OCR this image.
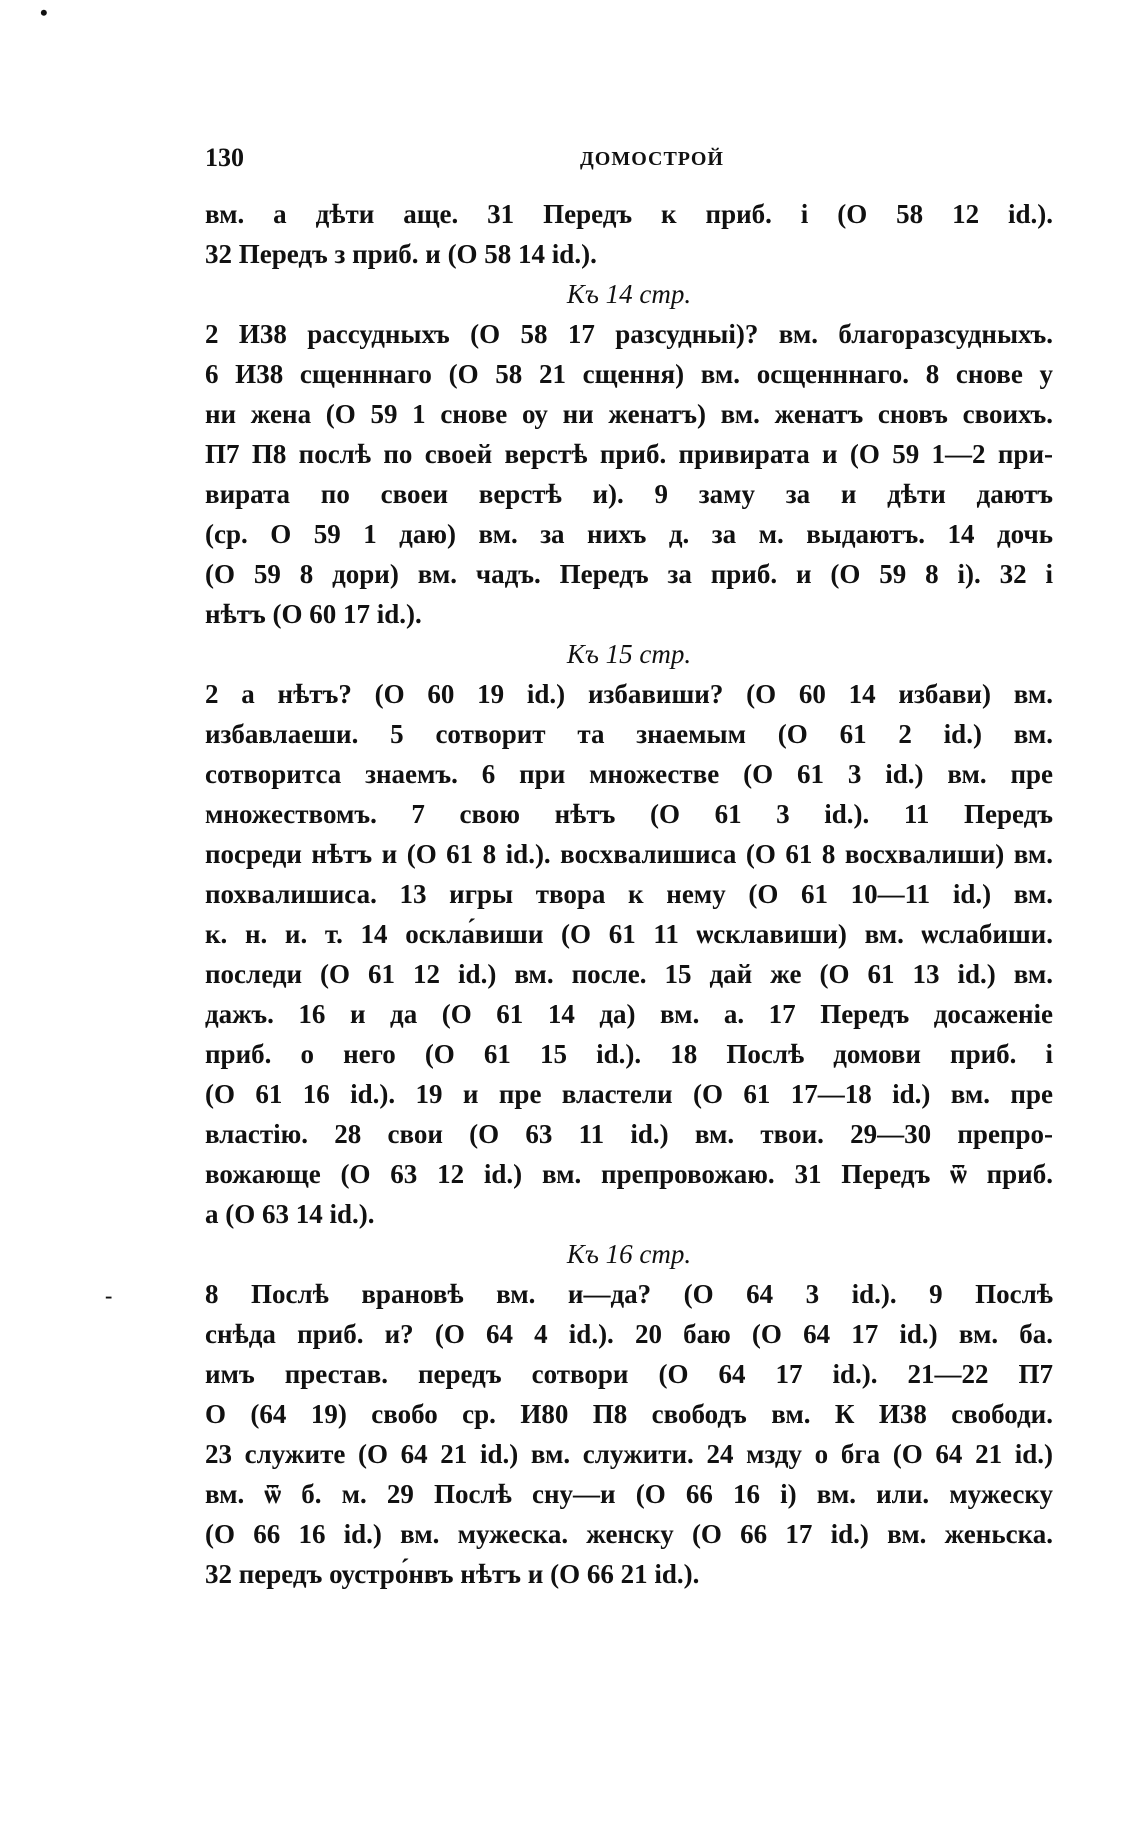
•
130	ДОМОСТРОЙ
вм. а дѣти аще. 31 Передъ к приб. і (О 58 12 id.).
32 Передъ з приб. и (О 58 14 id.).
Къ 14 стр.
2 И38 рассудныхъ (О 58 17 разсудныі)? вм. благоразсудныхъ.
6 И38 сщенннаго (О 58 21 сщення) вм. осщенннаго. 8 снове у
ни жена (О 59 1 снове оу ни женатъ) вм. женатъ сновъ своихъ.
П7 П8 послѣ по своей верстѣ приб. привирата и (О 59 1—2 при-
вирата по своеи верстѣ и). 9 заму за и дѣти даютъ
(ср. О 59 1 даю) вм. за нихъ д. за м. выдаютъ. 14 дочь
(О 59 8 дори) вм. чадъ. Передъ за приб. и (О 59 8 і). 32 і
нѣтъ (О 60 17 id.).
Къ 15 стр.
2 а нѣтъ? (О 60 19 id.) избавиши? (О 60 14 избави) вм.
избавлаеши. 5 сотворит та знаемым (О 61 2 id.) вм.
сотворитса знаемъ. 6 при множестве (О 61 3 id.) вм. пре
множествомъ. 7 свою нѣтъ (О 61 3 id.). 11 Передъ
посреди нѣтъ и (О 61 8 id.). восхвалишиса (О 61 8 восхвалиши) вм.
похвалишиса. 13 игры твора к нему (О 61 10—11 id.) вм.
к. н. и. т. 14 оскла́виши (О 61 11 ѡсклавиши) вм. ѡслабиши.
последи (О 61 12 id.) вм. после. 15 дай же (О 61 13 id.) вм.
дажъ. 16 и да (О 61 14 да) вм. а. 17 Передъ досаженіе
приб. о него (О 61 15 id.). 18 Послѣ домови приб. і
(О 61 16 id.). 19 и пре властели (О 61 17—18 id.) вм. пре
властію. 28 свои (О 63 11 id.) вм. твои. 29—30 препро-
вожающе (О 63 12 id.) вм. препровожаю. 31 Передъ ѿ приб.
а (О 63 14 id.).
Къ 16 стр.
8 Послѣ врановѣ вм. и—да? (О 64 3 id.). 9 Послѣ
снѣда приб. и? (О 64 4 id.). 20 баю (О 64 17 id.) вм. ба.
имъ престав. передъ сотвори (О 64 17 id.). 21—22 П7
О (64 19) свобо ср. И80 П8 свободъ вм. К И38 свободи.
23 служите (О 64 21 id.) вм. служити. 24 мзду о бга (О 64 21 id.)
вм. ѿ б. м. 29 Послѣ сну—и (О 66 16 і) вм. или. мужеску
(О 66 16 id.) вм. мужеска. женску (О 66 17 id.) вм. женьска.
32 передъ оустро́нвъ нѣтъ и (О 66 21 id.).
-
